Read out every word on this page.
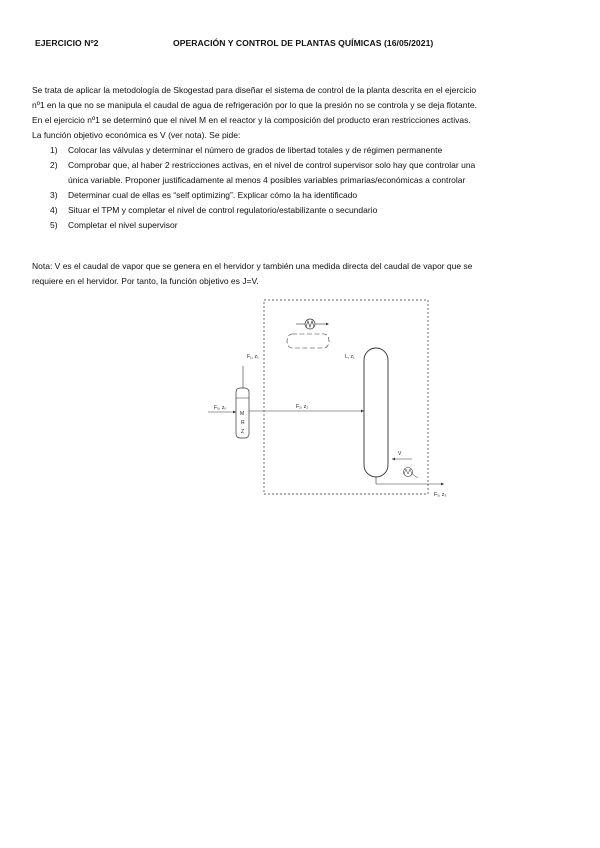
EJERCICIO Nº2	OPERACIÓN Y CONTROL DE PLANTAS QUÍMICAS (16/05/2021)

Se trata de aplicar la metodología de Skogestad para diseñar el sistema de control de la planta descrita en el ejercicio
nº1 en la que no se manipula el caudal de agua de refrigeración por lo que la presión no se controla y se deja flotante.
En el ejercicio nº1 se determinó que el nivel M en el reactor y la composición del producto eran restricciones activas.
La función objetivo económica es V (ver nota). Se pide:

1) Colocar las válvulas y determinar el número de grados de libertad totales y de régimen permanente
2) Comprobar que, al haber 2 restricciones activas, en el nivel de control supervisor solo hay que controlar una
única variable. Proponer justificadamente al menos 4 posibles variables primarias/económicas a controlar
3) Determinar cual de ellas es “self optimizing”. Explicar cómo la ha identificado
4) Situar el TPM y completar el nivel de control regulatorio/estabilizante o secundario
5) Completar el nivel supervisor

Nota: V es el caudal de vapor que se genera en el hervidor y también una medida directa del caudal de vapor que se
requiere en el hervidor. Por tanto, la función objetivo es J=V.

M
R
Z
F₁, z₁
F₀, z₀	F₂, z₂
L, z₁
V
F₃, z₃
